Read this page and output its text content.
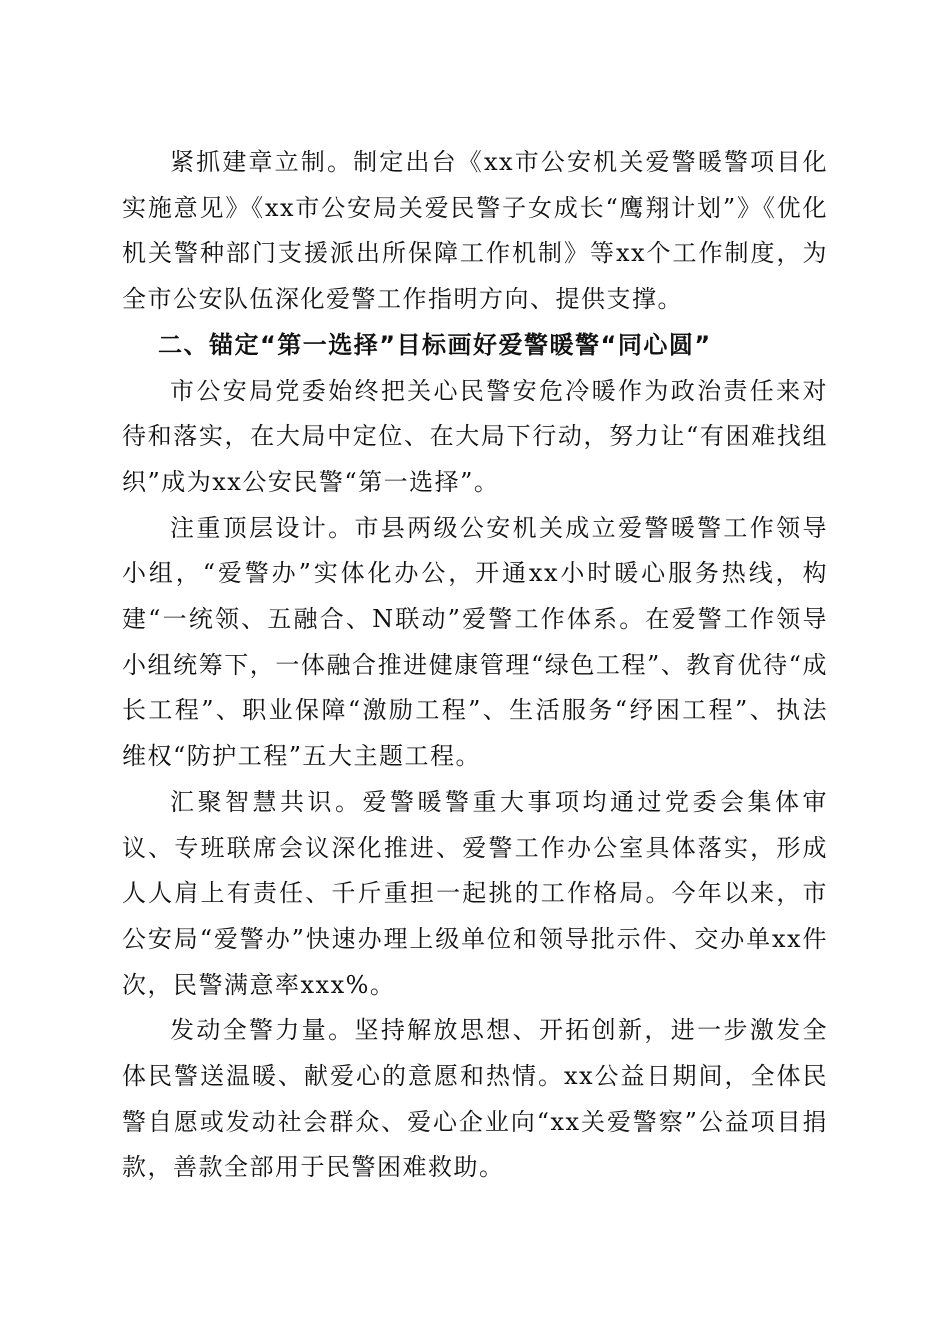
紧抓建章立制。制定出台《xx市公安机关爱警暖警项目化实施意见》《xx市公安局关爱民警子女成长“鹰翔计划”》《优化机关警种部门支援派出所保障工作机制》等xx个工作制度，为全市公安队伍深化爱警工作指明方向、提供支撑。

二、锚定“第一选择”目标画好爱警暖警“同心圆”

市公安局党委始终把关心民警安危冷暖作为政治责任来对待和落实，在大局中定位、在大局下行动，努力让“有困难找组织”成为xx公安民警“第一选择”。

注重顶层设计。市县两级公安机关成立爱警暖警工作领导小组，“爱警办”实体化办公，开通xx小时暖心服务热线，构建“一统领、五融合、N联动”爱警工作体系。在爱警工作领导小组统筹下，一体融合推进健康管理“绿色工程”、教育优待“成长工程”、职业保障“激励工程”、生活服务“纾困工程”、执法维权“防护工程”五大主题工程。

汇聚智慧共识。爱警暖警重大事项均通过党委会集体审议、专班联席会议深化推进、爱警工作办公室具体落实，形成人人肩上有责任、千斤重担一起挑的工作格局。今年以来，市公安局“爱警办”快速办理上级单位和领导批示件、交办单xx件次，民警满意率xxx%。

发动全警力量。坚持解放思想、开拓创新，进一步激发全体民警送温暖、献爱心的意愿和热情。xx公益日期间，全体民警自愿或发动社会群众、爱心企业向“xx关爱警察”公益项目捐款，善款全部用于民警困难救助。
